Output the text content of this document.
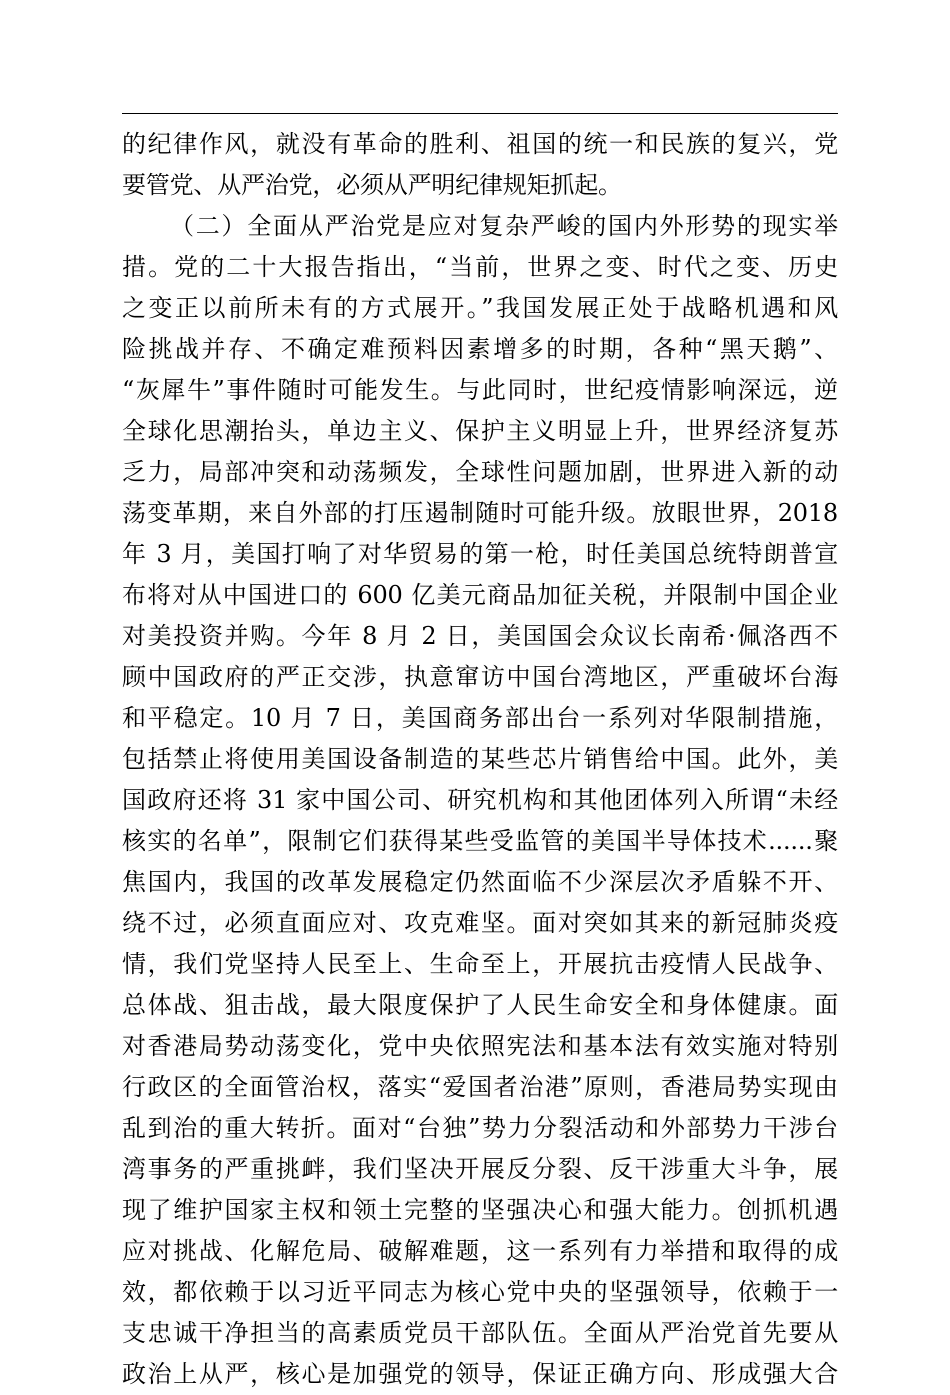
的纪律作风，就没有革命的胜利、祖国的统一和民族的复兴，党
要管党、从严治党，必须从严明纪律规矩抓起。
（二）全面从严治党是应对复杂严峻的国内外形势的现实举
措。党的二十大报告指出，“当前，世界之变、时代之变、历史
之变正以前所未有的方式展开。”我国发展正处于战略机遇和风
险挑战并存、不确定难预料因素增多的时期，各种“黑天鹅”、
“灰犀牛”事件随时可能发生。与此同时，世纪疫情影响深远，逆
全球化思潮抬头，单边主义、保护主义明显上升，世界经济复苏
乏力，局部冲突和动荡频发，全球性问题加剧，世界进入新的动
荡变革期，来自外部的打压遏制随时可能升级。放眼世界，2018
年 3 月，美国打响了对华贸易的第一枪，时任美国总统特朗普宣
布将对从中国进口的 600 亿美元商品加征关税，并限制中国企业
对美投资并购。今年 8 月 2 日，美国国会众议长南希·佩洛西不
顾中国政府的严正交涉，执意窜访中国台湾地区，严重破坏台海
和平稳定。10 月 7 日，美国商务部出台一系列对华限制措施，
包括禁止将使用美国设备制造的某些芯片销售给中国。此外，美
国政府还将 31 家中国公司、研究机构和其他团体列入所谓“未经
核实的名单”，限制它们获得某些受监管的美国半导体技术......聚
焦国内，我国的改革发展稳定仍然面临不少深层次矛盾躲不开、
绕不过，必须直面应对、攻克难坚。面对突如其来的新冠肺炎疫
情，我们党坚持人民至上、生命至上，开展抗击疫情人民战争、
总体战、狙击战，最大限度保护了人民生命安全和身体健康。面
对香港局势动荡变化，党中央依照宪法和基本法有效实施对特别
行政区的全面管治权，落实“爱国者治港”原则，香港局势实现由
乱到治的重大转折。面对“台独”势力分裂活动和外部势力干涉台
湾事务的严重挑衅，我们坚决开展反分裂、反干涉重大斗争，展
现了维护国家主权和领土完整的坚强决心和强大能力。创抓机遇
应对挑战、化解危局、破解难题，这一系列有力举措和取得的成
效，都依赖于以习近平同志为核心党中央的坚强领导，依赖于一
支忠诚干净担当的高素质党员干部队伍。全面从严治党首先要从
政治上从严，核心是加强党的领导，保证正确方向、形成强大合
